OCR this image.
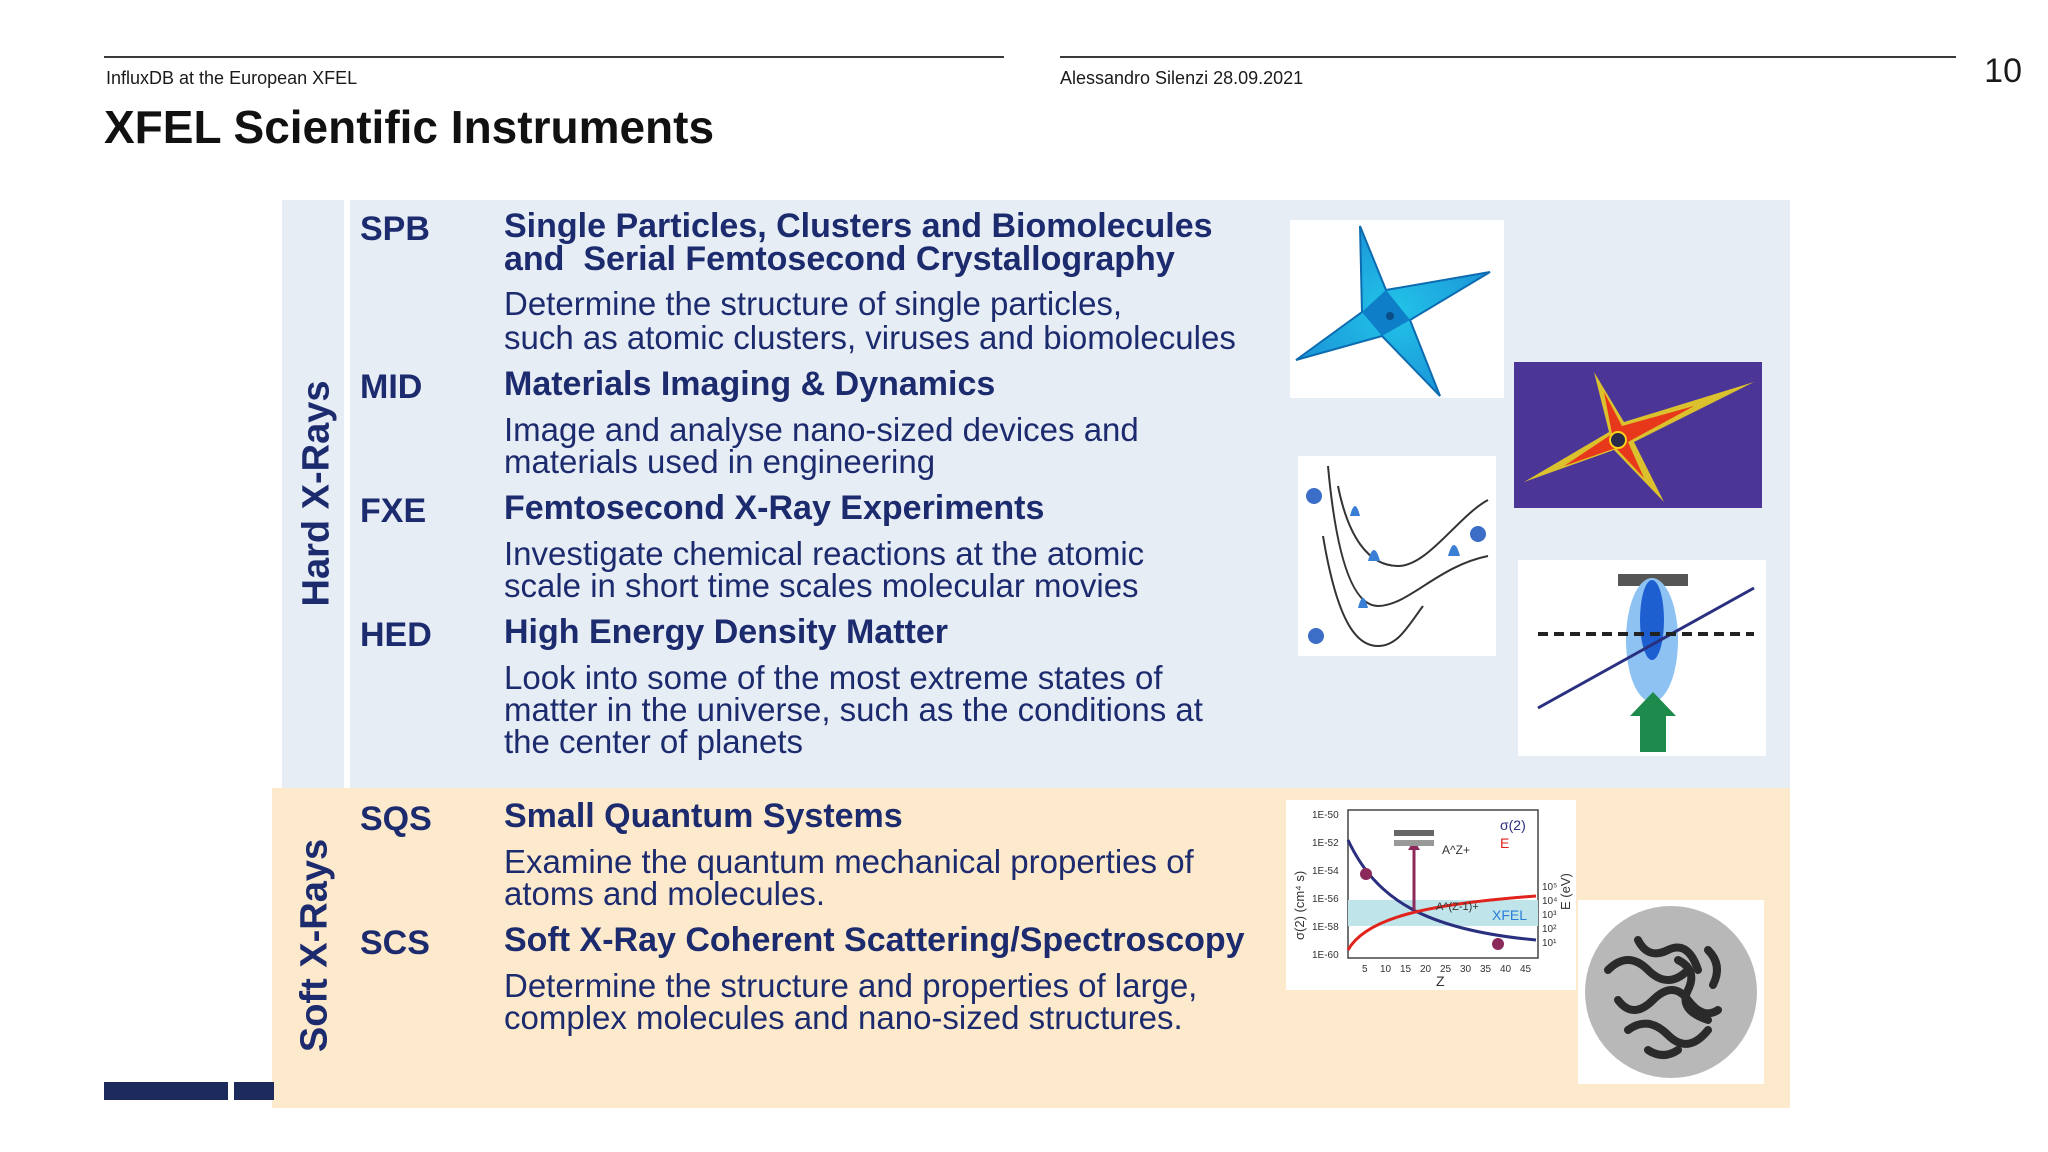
InfluxDB at the European XFEL	Alessandro Silenzi 28.09.2021	10
XFEL Scientific Instruments
Hard X-Rays
Soft X-Rays
SPB Single Particles, Clusters and Biomolecules
and  Serial Femtosecond Crystallography
Determine the structure of single particles,
such as atomic clusters, viruses and biomolecules
MID Materials Imaging & Dynamics
Image and analyse nano-sized devices and
materials used in engineering
FXE Femtosecond X-Ray Experiments
Investigate chemical reactions at the atomic
scale in short time scales molecular movies
HED High Energy Density Matter
Look into some of the most extreme states of
matter in the universe, such as the conditions at
the center of planets
SQS Small Quantum Systems
Examine the quantum mechanical properties of
atoms and molecules.
SCS Soft X-Ray Coherent Scattering/Spectroscopy
Determine the structure and properties of large,
complex molecules and nano-sized structures.
σ(2)
E
A^Z+
A^(Z-1)+ XFEL
Z
σ(2) (cm⁴ s)	E (eV)
1E-50
1E-52
1E-54
1E-56
1E-58
1E-60
5 10 15 20 25 30 35 40 45
10⁵
10⁴
10³
10²
10¹
